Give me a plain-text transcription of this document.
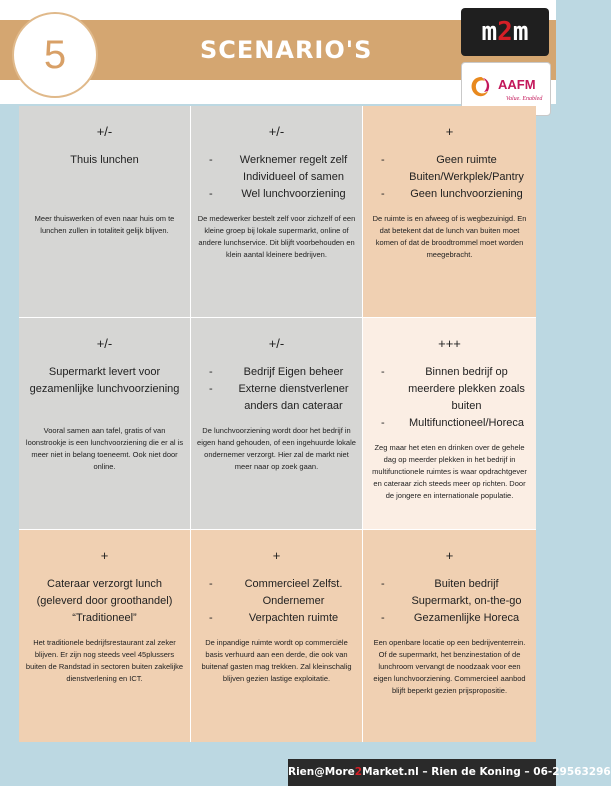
5	SCENARIO'S
m 2 m
AAFM
Value. Enabled
+/-
Thuis lunchen
Meer thuiswerken of even naar huis om te lunchen zullen in totaliteit gelijk blijven.
+/-
-	Werknemer regelt zelf Individueel of samen
-	Wel lunchvoorziening
De medewerker bestelt zelf voor zichzelf of een kleine groep bij lokale supermarkt, online of andere lunchservice. Dit blijft voorbehouden en klein aantal kleinere bedrijven.
+
-	Geen ruimte Buiten/Werkplek/Pantry
-	Geen lunchvoorziening
De ruimte is en afweeg of is wegbezuinigd. En dat betekent dat de lunch van buiten moet komen of dat de broodtrommel moet worden meegebracht.
+/-
Supermarkt levert voor gezamenlijke lunchvoorziening
Vooral samen aan tafel, gratis of van loonstrookje is een lunchvoorziening die er al is meer niet in belang toeneemt. Ook niet door online.
+/-
-	Bedrijf Eigen beheer
-	Externe dienstverlener anders dan cateraar
De lunchvoorziening wordt door het bedrijf in eigen hand gehouden, of een ingehuurde lokale ondernemer verzorgt. Hier zal de markt niet meer naar op zoek gaan.
+++
-	Binnen bedrijf op meerdere plekken zoals buiten
-	Multifunctioneel/Horeca
Zeg maar het eten en drinken over de gehele dag op meerder plekken in het bedrijf in multifunctionele ruimtes is waar opdrachtgever en cateraar zich steeds meer op richten. Door de jongere en internationale populatie.
+
Cateraar verzorgt lunch (geleverd door groothandel) “Traditioneel”
Het traditionele bedrijfsrestaurant zal zeker blijven. Er zijn nog steeds veel 45plussers buiten de Randstad in sectoren buiten zakelijke dienstverlening en ICT.
+
-	Commercieel Zelfst. Ondernemer
-	Verpachten ruimte
De inpandige ruimte wordt op commerciële basis verhuurd aan een derde, die ook van buitenaf gasten mag trekken. Zal kleinschalig blijven gezien lastige exploitatie.
+
-	Buiten bedrijf Supermarkt, on-the-go
-	Gezamenlijke Horeca
Een openbare locatie op een bedrijventerrein. Of de supermarkt, het benzinestation of de lunchroom vervangt de noodzaak voor een eigen lunchvoorziening. Commercieel aanbod blijft beperkt gezien prijspropositie.
Rien@More2Market.nl – Rien de Koning – 06-29563296
